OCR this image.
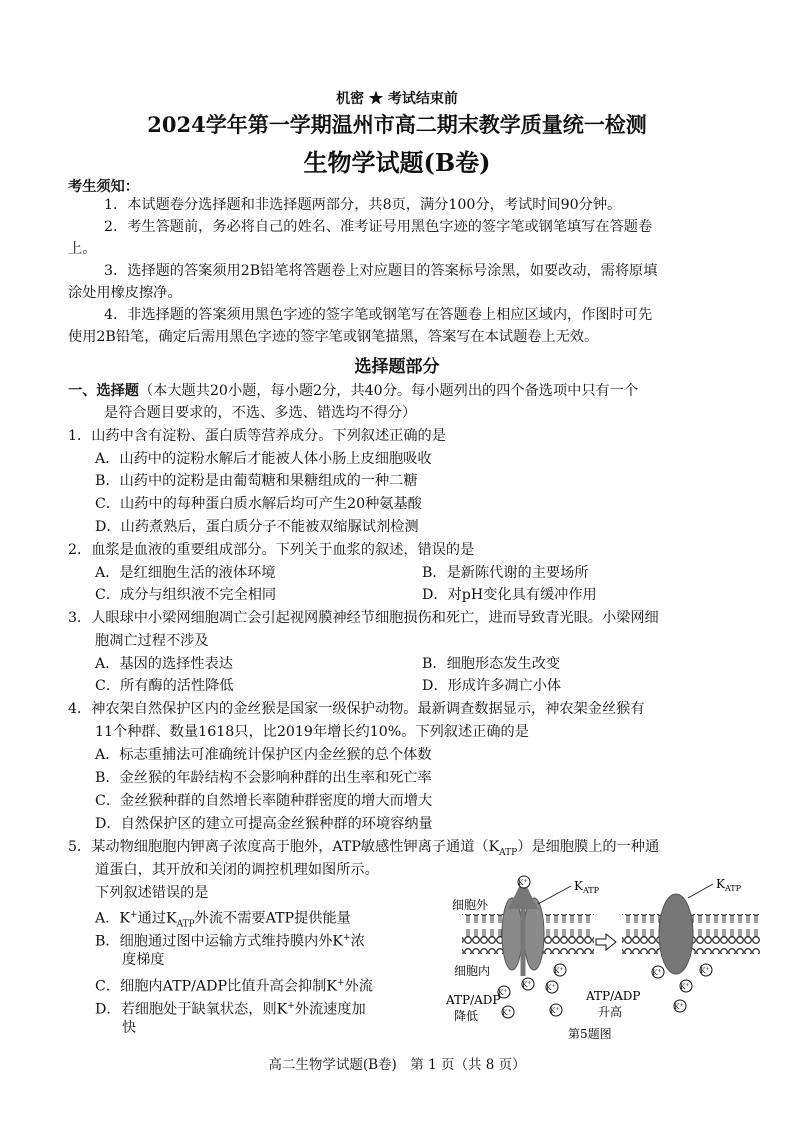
机密 ★ 考试结束前
2024学年第一学期温州市高二期末教学质量统一检测
生物学试题(B卷)
考生须知：
1．本试题卷分选择题和非选择题两部分，共8页，满分100分，考试时间90分钟。
2．考生答题前，务必将自己的姓名、准考证号用黑色字迹的签字笔或钢笔填写在答题卷
上。
3．选择题的答案须用2B铅笔将答题卷上对应题目的答案标号涂黑，如要改动，需将原填
涂处用橡皮擦净。
4．非选择题的答案须用黑色字迹的签字笔或钢笔写在答题卷上相应区域内，作图时可先
使用2B铅笔，确定后需用黑色字迹的签字笔或钢笔描黑，答案写在本试题卷上无效。
选择题部分
一、选择题（本大题共20小题，每小题2分，共40分。每小题列出的四个备选项中只有一个
是符合题目要求的，不选、多选、错选均不得分）
1．山药中含有淀粉、蛋白质等营养成分。下列叙述正确的是
A．山药中的淀粉水解后才能被人体小肠上皮细胞吸收
B．山药中的淀粉是由葡萄糖和果糖组成的一种二糖
C．山药中的每种蛋白质水解后均可产生20种氨基酸
D．山药煮熟后，蛋白质分子不能被双缩脲试剂检测
2．血浆是血液的重要组成部分。下列关于血浆的叙述，错误的是
A．是红细胞生活的液体环境	B．是新陈代谢的主要场所
C．成分与组织液不完全相同	D．对pH变化具有缓冲作用
3．人眼球中小梁网细胞凋亡会引起视网膜神经节细胞损伤和死亡，进而导致青光眼。小梁网细
胞凋亡过程不涉及
A．基因的选择性表达	B．细胞形态发生改变
C．所有酶的活性降低	D．形成许多凋亡小体
4．神农架自然保护区内的金丝猴是国家一级保护动物。最新调查数据显示，神农架金丝猴有
11个种群、数量1618只，比2019年增长约10%。下列叙述正确的是
A．标志重捕法可准确统计保护区内金丝猴的总个体数
B．金丝猴的年龄结构不会影响种群的出生率和死亡率
C．金丝猴种群的自然增长率随种群密度的增大而增大
D．自然保护区的建立可提高金丝猴种群的环境容纳量
5．某动物细胞胞内钾离子浓度高于胞外，ATP敏感性钾离子通道$(K_{ATP})$是细胞膜上的一种通
道蛋白，其开放和关闭的调控机理如图所示。
下列叙述错误的是
A．K+通过$K_{ATP}$外流不需要ATP提供能量
B．细胞通过图中运输方式维持膜内外K+浓
度梯度
C．细胞内ATP/ADP比值升高会抑制K+外流
D．若细胞处于缺氧状态，则K+外流速度加
快
细胞外
细胞内
$K_{ATP}$	$K_{ATP}$
K+
K+
K+
K+
K+	K+
K+	K+
K+
K+
K+
ATP/ADP
降低
ATP/ADP
升高
第5题图
高二生物学试题(B卷)　第 1 页（共 8 页）
